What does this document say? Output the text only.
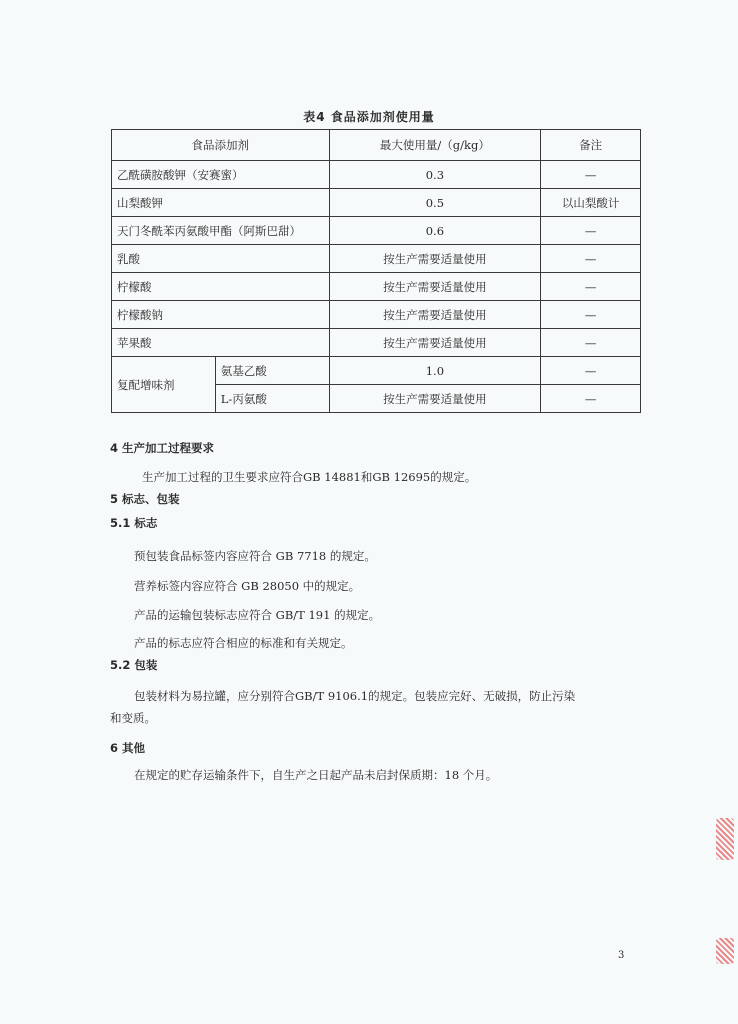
表4 食品添加剂使用量
食品添加剂		最大使用量/（g/kg）	备注
乙酰磺胺酸钾（安赛蜜）		0.3	—
山梨酸钾		0.5	以山梨酸计
天门冬酰苯丙氨酸甲酯（阿斯巴甜）		0.6	—
乳酸		按生产需要适量使用	—
柠檬酸		按生产需要适量使用	—
柠檬酸钠		按生产需要适量使用	—
苹果酸		按生产需要适量使用	—
复配增味剂	氨基乙酸	1.0	—
	L-丙氨酸	按生产需要适量使用	—
4 生产加工过程要求
生产加工过程的卫生要求应符合GB 14881和GB 12695的规定。
5 标志、包装
5.1 标志
预包装食品标签内容应符合 GB 7718 的规定。
营养标签内容应符合 GB 28050 中的规定。
产品的运输包装标志应符合 GB/T 191 的规定。
产品的标志应符合相应的标准和有关规定。
5.2 包装
包装材料为易拉罐，应分别符合GB/T 9106.1的规定。包装应完好、无破损，防止污染
和变质。
6 其他
在规定的贮存运输条件下，自生产之日起产品未启封保质期：18 个月。
3
